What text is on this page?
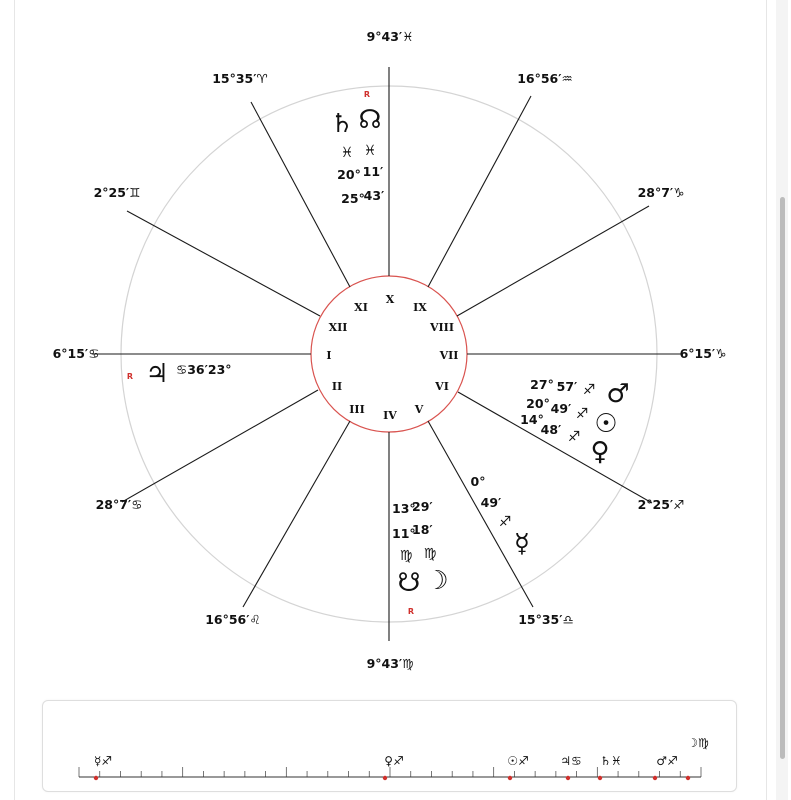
X
XI	IX
XII	VIII
I	VII
II	VI
III IV V
9°43′♓
9°43′♍
15°35′♈	16°56′♒
2°25′♊	28°7′♑
6°15′♋	6°15′♑
28°7′♋	2°25′♐
16°56′♌	15°35′♎
R
♄ ☊
♓ ♓
20° 11′
25°
43′
R ♃ ♋36′23°
27° 57′ ♐ ♂
20° 49′ ♐ ☉
14°
48′ ♐ ♀
0°
49′
♐
☿
13°
29′
11°
18′
♍ ♍
☋ ☽
R
☿♐	♀♐	☉♐	♃♋ ♄♓	♂♐
☽♍
